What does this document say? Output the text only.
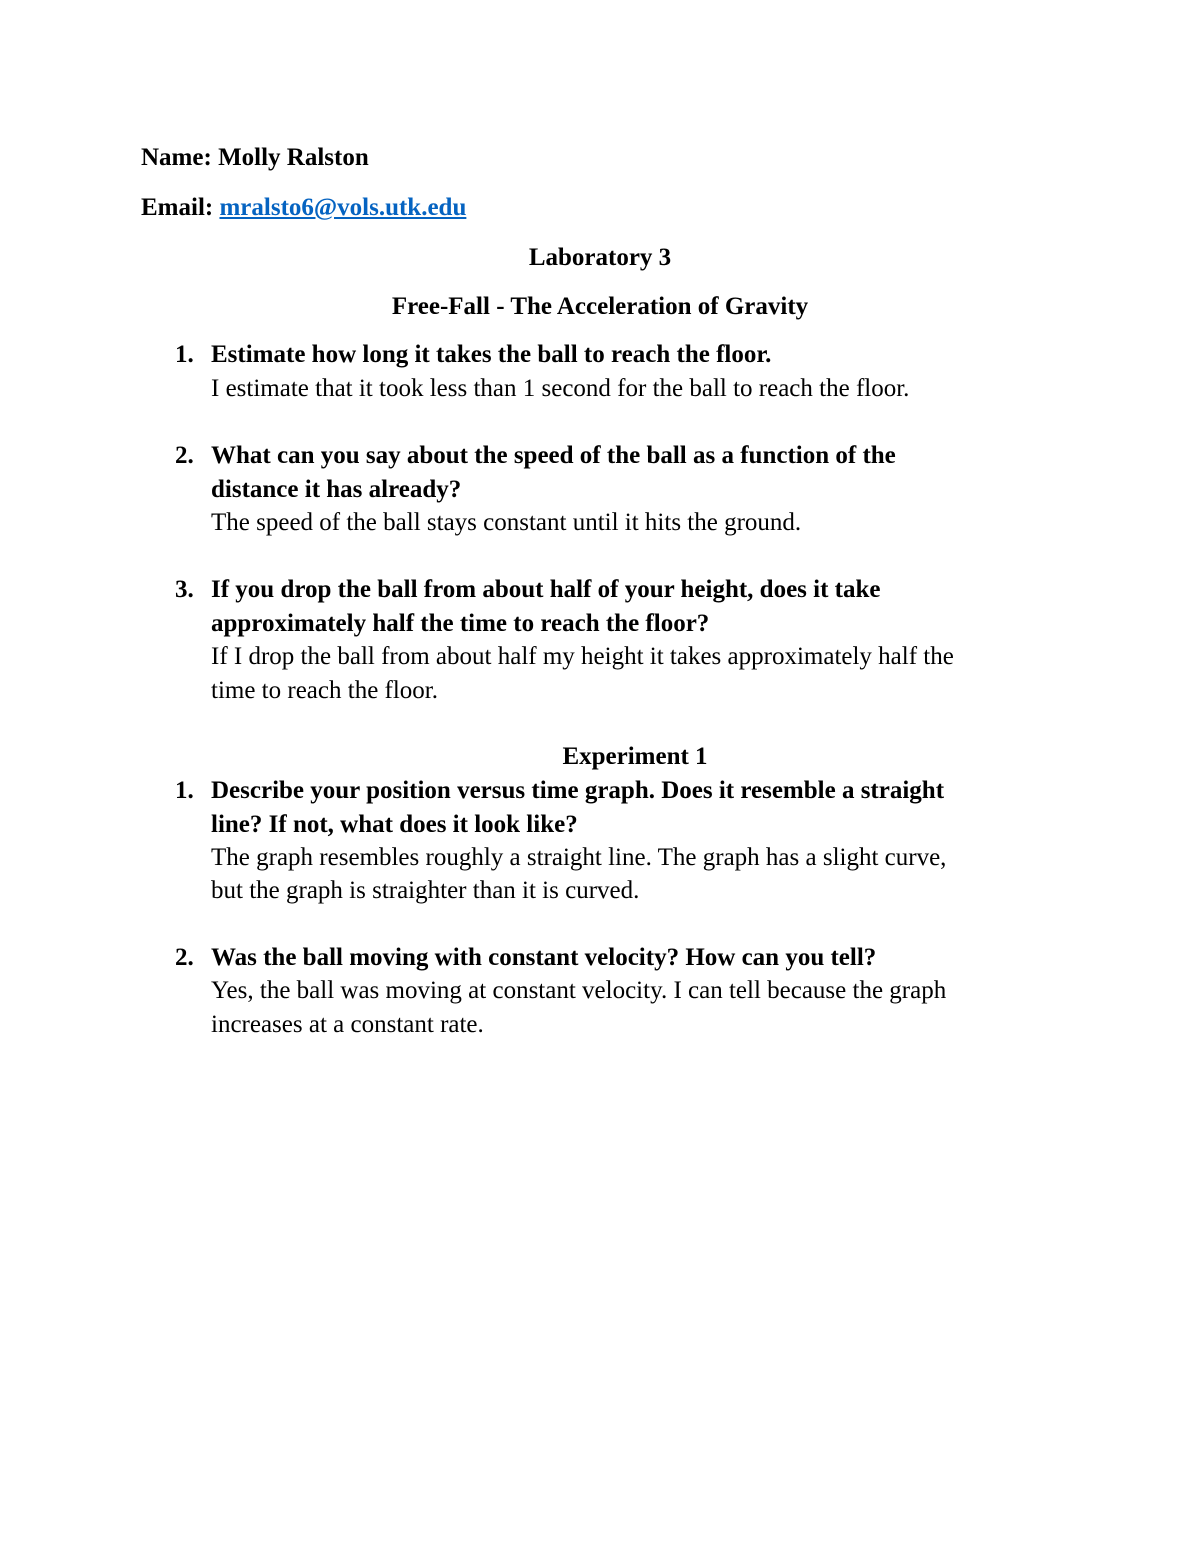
Name: Molly Ralston
Email: mralsto6@vols.utk.edu
Laboratory 3
Free-Fall - The Acceleration of Gravity
1. Estimate how long it takes the ball to reach the floor.
I estimate that it took less than 1 second for the ball to reach the floor.
2. What can you say about the speed of the ball as a function of the
distance it has already?
The speed of the ball stays constant until it hits the ground.
3. If you drop the ball from about half of your height, does it take
approximately half the time to reach the floor?
If I drop the ball from about half my height it takes approximately half the
time to reach the floor.
Experiment 1
1. Describe your position versus time graph. Does it resemble a straight
line? If not, what does it look like?
The graph resembles roughly a straight line. The graph has a slight curve,
but the graph is straighter than it is curved.
2. Was the ball moving with constant velocity? How can you tell?
Yes, the ball was moving at constant velocity. I can tell because the graph
increases at a constant rate.
